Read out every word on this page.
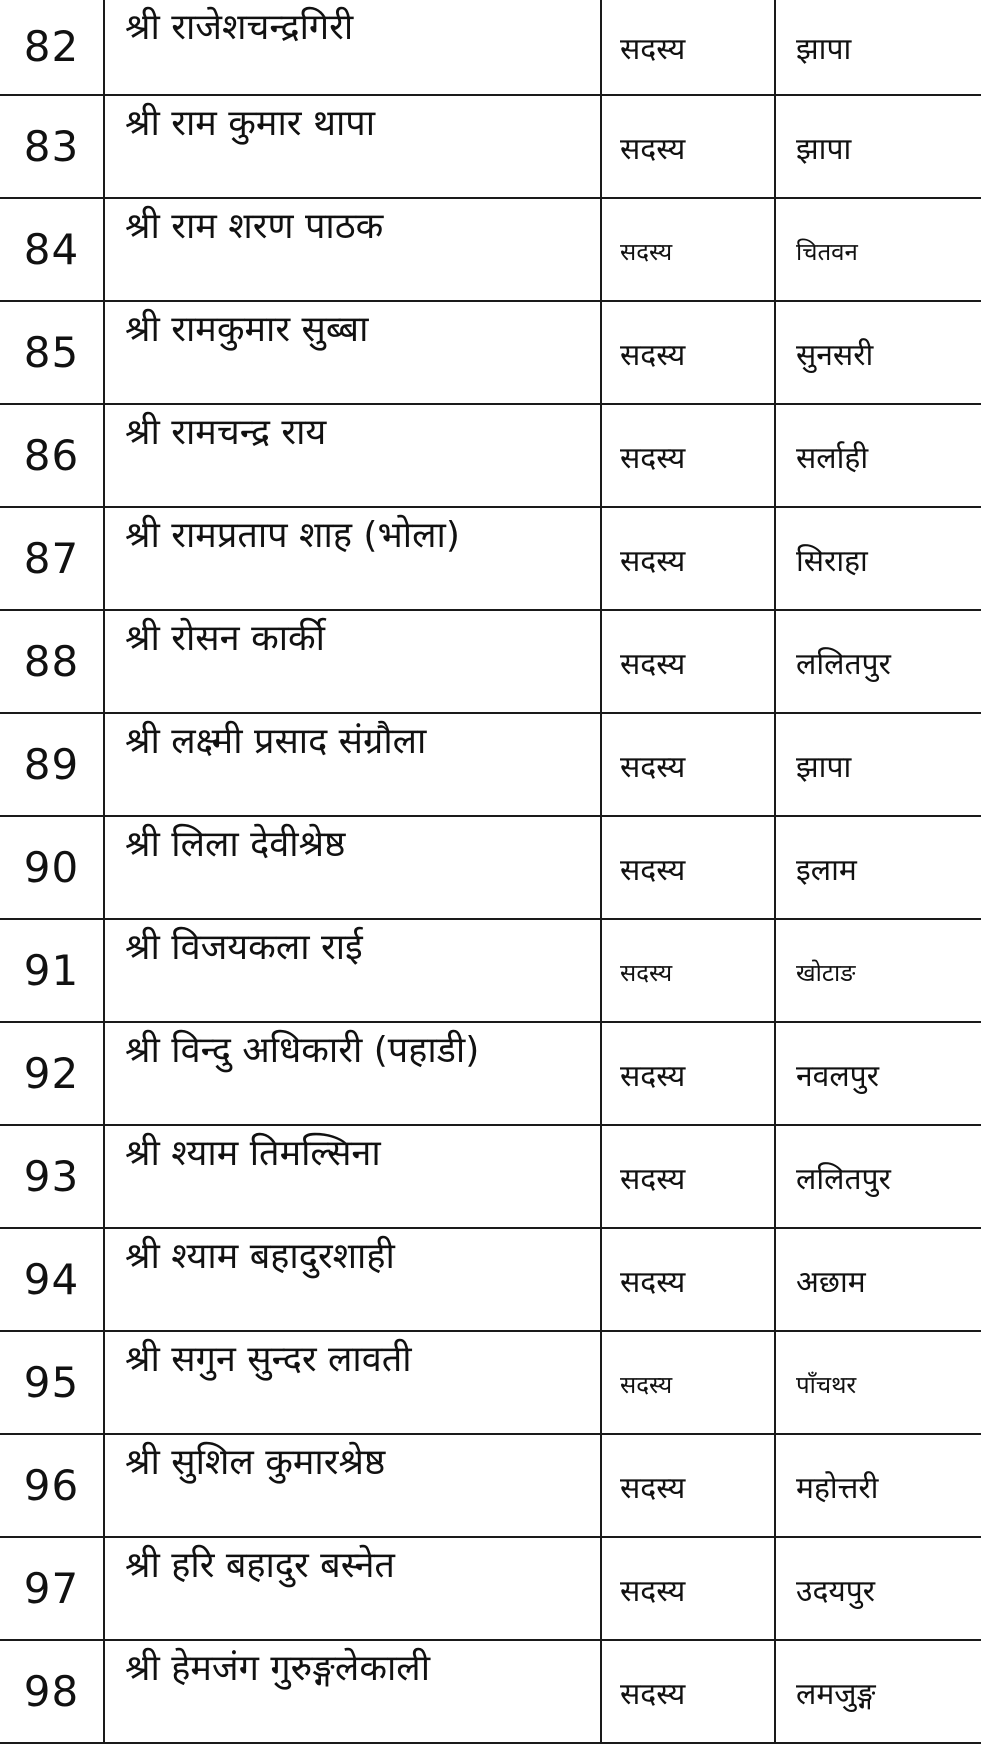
82	श्री राजेशचन्द्रगिरी	सदस्य	झापा
83	श्री राम कुमार थापा	सदस्य	झापा
84	श्री राम शरण पाठक	सदस्य	चितवन
85	श्री रामकुमार सुब्बा	सदस्य	सुनसरी
86	श्री रामचन्द्र राय	सदस्य	सर्लाही
87	श्री रामप्रताप शाह (भोला)	सदस्य	सिराहा
88	श्री रोसन कार्की	सदस्य	ललितपुर
89	श्री लक्ष्मी प्रसाद संग्रौला	सदस्य	झापा
90	श्री लिला देवीश्रेष्ठ	सदस्य	इलाम
91	श्री विजयकला राई	सदस्य	खोटाङ
92	श्री विन्दु अधिकारी (पहाडी)	सदस्य	नवलपुर
93	श्री श्याम तिमल्सिना	सदस्य	ललितपुर
94	श्री श्याम बहादुरशाही	सदस्य	अछाम
95	श्री सगुन सुन्दर लावती	सदस्य	पाँचथर
96	श्री सुशिल कुमारश्रेष्ठ	सदस्य	महोत्तरी
97	श्री हरि बहादुर बस्नेत	सदस्य	उदयपुर
98	श्री हेमजंग गुरुङ्गलेकाली	सदस्य	लमजुङ्ग
